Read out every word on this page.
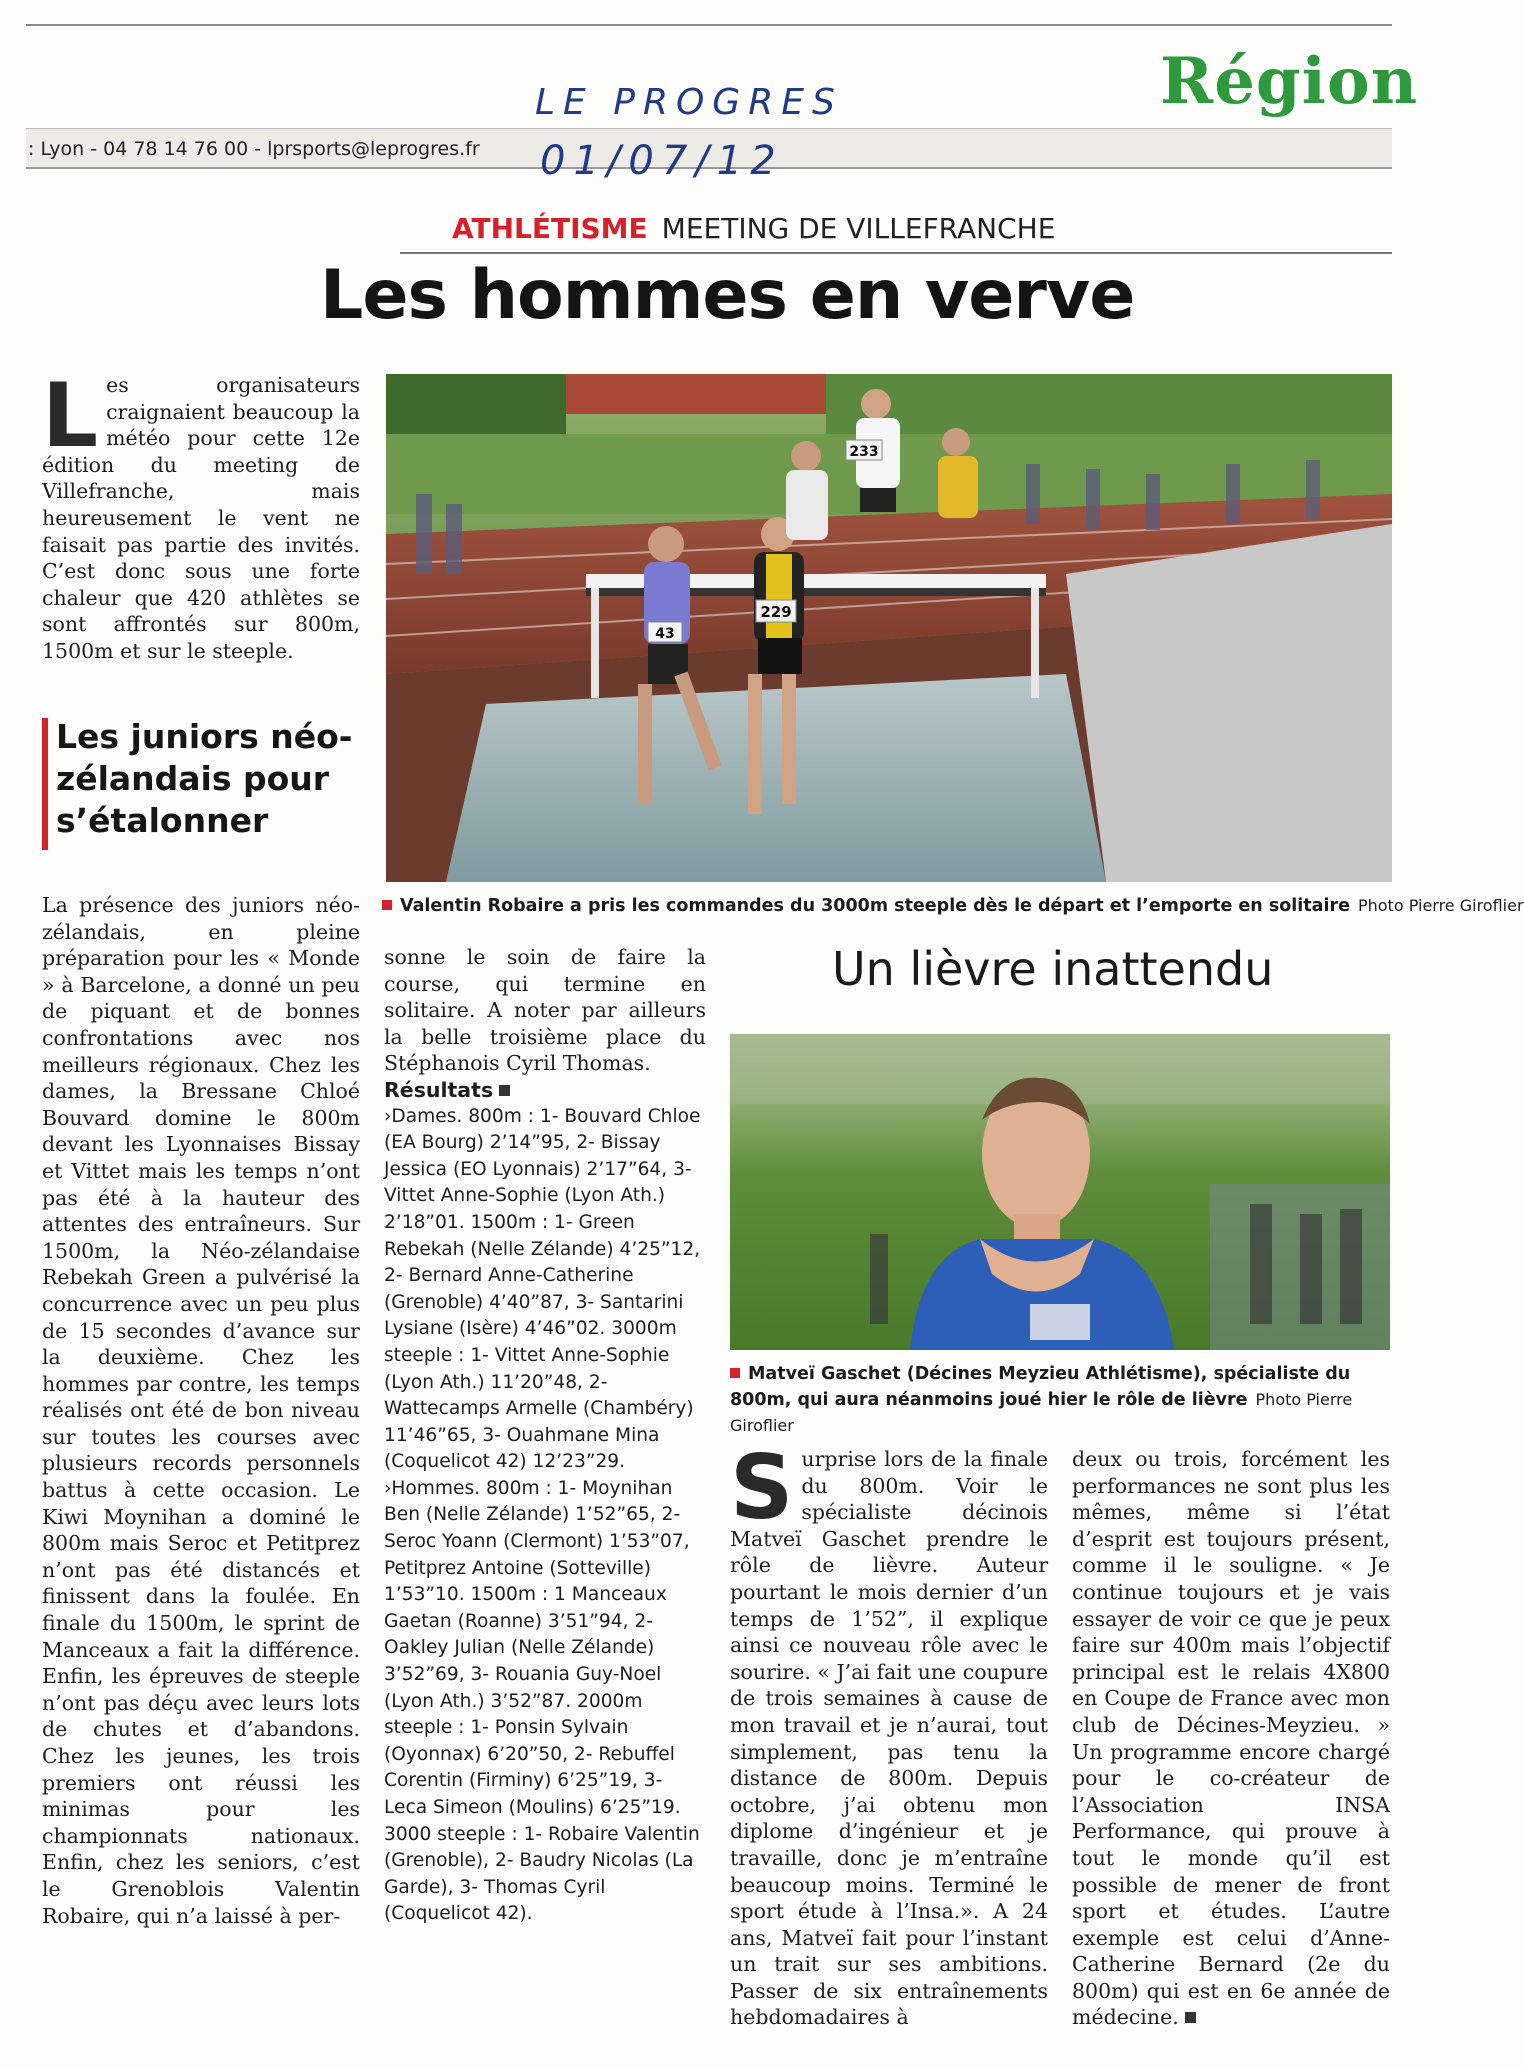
Région
LE PROGRES
: Lyon - 04 78 14 76 00 - lprsports@leprogres.fr 01/07/12
ATHLÉTISME MEETING DE VILLEFRANCHE
Les hommes en verve

Les organisateurs craignaient beaucoup la météo pour cette 12e édition du meeting de Villefranche, mais heureusement le vent ne faisait pas partie des invités. C’est donc sous une forte chaleur que 420 athlètes se sont affrontés sur 800m, 1500m et sur le steeple.

Les juniors néo-zélandais pour s’étalonner

La présence des juniors néo-zélandais, en pleine préparation pour les « Monde » à Barcelone, a donné un peu de piquant et de bonnes confrontations avec nos meilleurs régionaux. Chez les dames, la Bressane Chloé Bouvard domine le 800m devant les Lyonnaises Bissay et Vittet mais les temps n’ont pas été à la hauteur des attentes des entraîneurs. Sur 1500m, la Néo-zélandaise Rebekah Green a pulvérisé la concurrence avec un peu plus de 15 secondes d’avance sur la deuxième. Chez les hommes par contre, les temps réalisés ont été de bon niveau sur toutes les courses avec plusieurs records personnels battus à cette occasion. Le Kiwi Moynihan a dominé le 800m mais Seroc et Petitprez n’ont pas été distancés et finissent dans la foulée. En finale du 1500m, le sprint de Manceaux a fait la différence. Enfin, les épreuves de steeple n’ont pas déçu avec leurs lots de chutes et d’abandons. Chez les jeunes, les trois premiers ont réussi les minimas pour les championnats nationaux. Enfin, chez les seniors, c’est le Grenoblois Valentin Robaire, qui n’a laissé à per-

sonne le soin de faire la course, qui termine en solitaire. A noter par ailleurs la belle troisième place du Stéphanois Cyril Thomas.

Résultats

›Dames. 800m : 1- Bouvard Chloe (EA Bourg) 2’14”95, 2- Bissay Jessica (EO Lyonnais) 2’17”64, 3- Vittet Anne-Sophie (Lyon Ath.) 2’18”01. 1500m : 1- Green Rebekah (Nelle Zélande) 4’25”12, 2- Bernard Anne-Catherine (Grenoble) 4’40”87, 3- Santarini Lysiane (Isère) 4’46”02. 3000m steeple : 1- Vittet Anne-Sophie (Lyon Ath.) 11’20”48, 2- Wattecamps Armelle (Chambéry) 11’46”65, 3- Ouahmane Mina (Coquelicot 42) 12’23”29. ›Hommes. 800m : 1- Moynihan Ben (Nelle Zélande) 1’52”65, 2- Seroc Yoann (Clermont) 1’53”07, Petitprez Antoine (Sotteville) 1’53”10. 1500m : 1 Manceaux Gaetan (Roanne) 3’51”94, 2- Oakley Julian (Nelle Zélande) 3’52”69, 3- Rouania Guy-Noel (Lyon Ath.) 3’52”87. 2000m steeple : 1- Ponsin Sylvain (Oyonnax) 6’20”50, 2- Rebuffel Corentin (Firminy) 6’25”19, 3- Leca Simeon (Moulins) 6’25”19. 3000 steeple : 1- Robaire Valentin (Grenoble), 2- Baudry Nicolas (La Garde), 3- Thomas Cyril (Coquelicot 42).

233
229
43
Valentin Robaire a pris les commandes du 3000m steeple dès le départ et l’emporte en solitaire Photo Pierre Giroflier
Un lièvre inattendu

Matveï Gaschet (Décines Meyzieu Athlétisme), spécialiste du 800m, qui aura néanmoins joué hier le rôle de lièvre Photo Pierre Giroflier

Surprise lors de la finale du 800m. Voir le spécialiste décinois Matveï Gaschet prendre le rôle de lièvre. Auteur pourtant le mois dernier d’un temps de 1’52”, il explique ainsi ce nouveau rôle avec le sourire. « J’ai fait une coupure de trois semaines à cause de mon travail et je n’aurai, tout simplement, pas tenu la distance de 800m. Depuis octobre, j’ai obtenu mon diplome d’ingénieur et je travaille, donc je m’entraîne beaucoup moins. Terminé le sport étude à l’Insa.». A 24 ans, Matveï fait pour l’instant un trait sur ses ambitions. Passer de six entraînements hebdomadaires à

deux ou trois, forcément les performances ne sont plus les mêmes, même si l’état d’esprit est toujours présent, comme il le souligne. « Je continue toujours et je vais essayer de voir ce que je peux faire sur 400m mais l’objectif principal est le relais 4X800 en Coupe de France avec mon club de Décines-Meyzieu. » Un programme encore chargé pour le co-créateur de l’Association INSA Performance, qui prouve à tout le monde qu’il est possible de mener de front sport et études. L’autre exemple est celui d’Anne-Catherine Bernard (2e du 800m) qui est en 6e année de médecine.
